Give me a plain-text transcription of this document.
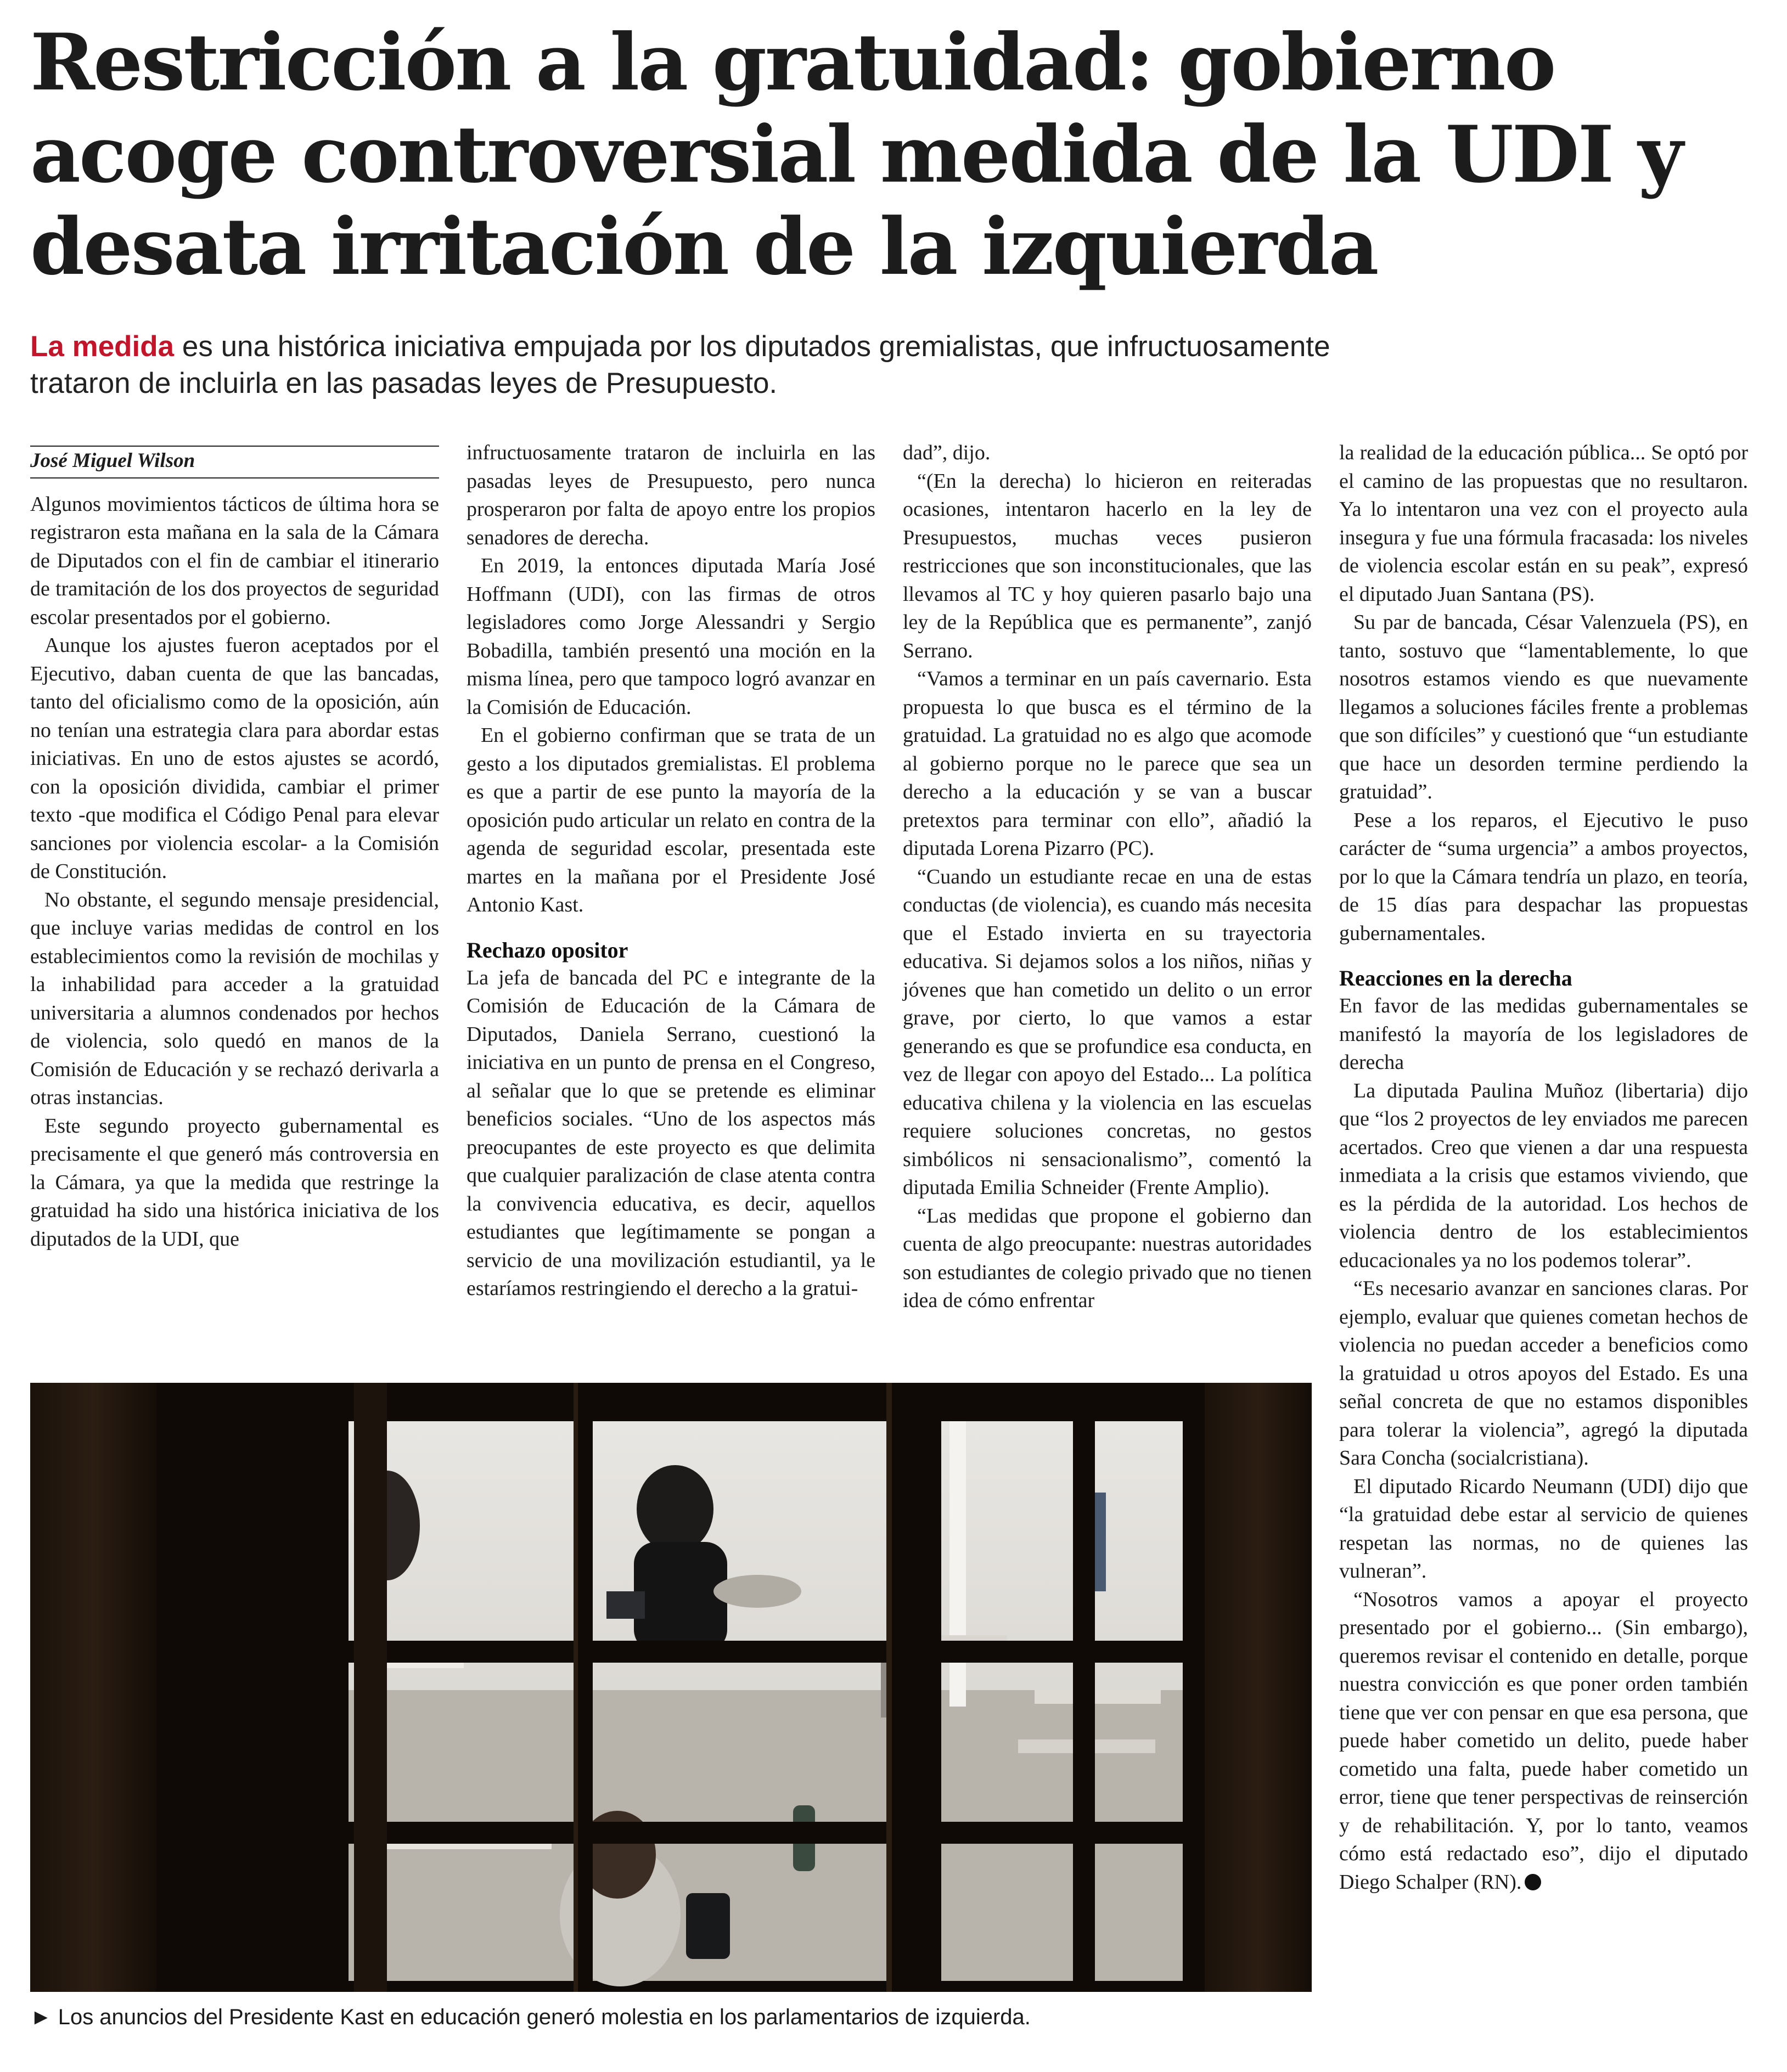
Restricción a la gratuidad: gobierno acoge controversial medida de la UDI y desata irritación de la izquierda

La medida es una histórica iniciativa empujada por los diputados gremialistas, que infructuosamente trataron de incluirla en las pasadas leyes de Presupuesto.

José Miguel Wilson

Algunos movimientos tácticos de última hora se registraron esta mañana en la sala de la Cámara de Diputados con el fin de cambiar el itinerario de tramitación de los dos proyectos de seguridad escolar presentados por el gobierno.

Aunque los ajustes fueron aceptados por el Ejecutivo, daban cuenta de que las bancadas, tanto del oficialismo como de la oposición, aún no tenían una estrategia clara para abordar estas iniciativas. En uno de estos ajustes se acordó, con la oposición dividida, cambiar el primer texto -que modifica el Código Penal para elevar sanciones por violencia escolar- a la Comisión de Constitución.

No obstante, el segundo mensaje presidencial, que incluye varias medidas de control en los establecimientos como la revisión de mochilas y la inhabilidad para acceder a la gratuidad universitaria a alumnos condenados por hechos de violencia, solo quedó en manos de la Comisión de Educación y se rechazó derivarla a otras instancias.

Este segundo proyecto gubernamental es precisamente el que generó más controversia en la Cámara, ya que la medida que restringe la gratuidad ha sido una histórica iniciativa de los diputados de la UDI, que

infructuosamente trataron de incluirla en las pasadas leyes de Presupuesto, pero nunca prosperaron por falta de apoyo entre los propios senadores de derecha.

En 2019, la entonces diputada María José Hoffmann (UDI), con las firmas de otros legisladores como Jorge Alessandri y Sergio Bobadilla, también presentó una moción en la misma línea, pero que tampoco logró avanzar en la Comisión de Educación.

En el gobierno confirman que se trata de un gesto a los diputados gremialistas. El problema es que a partir de ese punto la mayoría de la oposición pudo articular un relato en contra de la agenda de seguridad escolar, presentada este martes en la mañana por el Presidente José Antonio Kast.

Rechazo opositor

La jefa de bancada del PC e integrante de la Comisión de Educación de la Cámara de Diputados, Daniela Serrano, cuestionó la iniciativa en un punto de prensa en el Congreso, al señalar que lo que se pretende es eliminar beneficios sociales. “Uno de los aspectos más preocupantes de este proyecto es que delimita que cualquier paralización de clase atenta contra la convivencia educativa, es decir, aquellos estudiantes que legítimamente se pongan a servicio de una movilización estudiantil, ya le estaríamos restringiendo el derecho a la gratui-

dad”, dijo.

“(En la derecha) lo hicieron en reiteradas ocasiones, intentaron hacerlo en la ley de Presupuestos, muchas veces pusieron restricciones que son inconstitucionales, que las llevamos al TC y hoy quieren pasarlo bajo una ley de la República que es permanente”, zanjó Serrano.

“Vamos a terminar en un país cavernario. Esta propuesta lo que busca es el término de la gratuidad. La gratuidad no es algo que acomode al gobierno porque no le parece que sea un derecho a la educación y se van a buscar pretextos para terminar con ello”, añadió la diputada Lorena Pizarro (PC).

“Cuando un estudiante recae en una de estas conductas (de violencia), es cuando más necesita que el Estado invierta en su trayectoria educativa. Si dejamos solos a los niños, niñas y jóvenes que han cometido un delito o un error grave, por cierto, lo que vamos a estar generando es que se profundice esa conducta, en vez de llegar con apoyo del Estado... La política educativa chilena y la violencia en las escuelas requiere soluciones concretas, no gestos simbólicos ni sensacionalismo”, comentó la diputada Emilia Schneider (Frente Amplio).

“Las medidas que propone el gobierno dan cuenta de algo preocupante: nuestras autoridades son estudiantes de colegio privado que no tienen idea de cómo enfrentar

la realidad de la educación pública... Se optó por el camino de las propuestas que no resultaron. Ya lo intentaron una vez con el proyecto aula insegura y fue una fórmula fracasada: los niveles de violencia escolar están en su peak”, expresó el diputado Juan Santana (PS).

Su par de bancada, César Valenzuela (PS), en tanto, sostuvo que “lamentablemente, lo que nosotros estamos viendo es que nuevamente llegamos a soluciones fáciles frente a problemas que son difíciles” y cuestionó que “un estudiante que hace un desorden termine perdiendo la gratuidad”.

Pese a los reparos, el Ejecutivo le puso carácter de “suma urgencia” a ambos proyectos, por lo que la Cámara tendría un plazo, en teoría, de 15 días para despachar las propuestas gubernamentales.

Reacciones en la derecha

En favor de las medidas gubernamentales se manifestó la mayoría de los legisladores de derecha

La diputada Paulina Muñoz (libertaria) dijo que “los 2 proyectos de ley enviados me parecen acertados. Creo que vienen a dar una respuesta inmediata a la crisis que estamos viviendo, que es la pérdida de la autoridad. Los hechos de violencia dentro de los establecimientos educacionales ya no los podemos tolerar”.

“Es necesario avanzar en sanciones claras. Por ejemplo, evaluar que quienes cometan hechos de violencia no puedan acceder a beneficios como la gratuidad u otros apoyos del Estado. Es una señal concreta de que no estamos disponibles para tolerar la violencia”, agregó la diputada Sara Concha (socialcristiana).

El diputado Ricardo Neumann (UDI) dijo que “la gratuidad debe estar al servicio de quienes respetan las normas, no de quienes las vulneran”.

“Nosotros vamos a apoyar el proyecto presentado por el gobierno... (Sin embargo), queremos revisar el contenido en detalle, porque nuestra convicción es que poner orden también tiene que ver con pensar en que esa persona, que puede haber cometido un delito, puede haber cometido una falta, puede haber cometido un error, tiene que tener perspectivas de reinserción y de rehabilitación. Y, por lo tanto, veamos cómo está redactado eso”, dijo el diputado Diego Schalper (RN).

► Los anuncios del Presidente Kast en educación generó molestia en los parlamentarios de izquierda.
